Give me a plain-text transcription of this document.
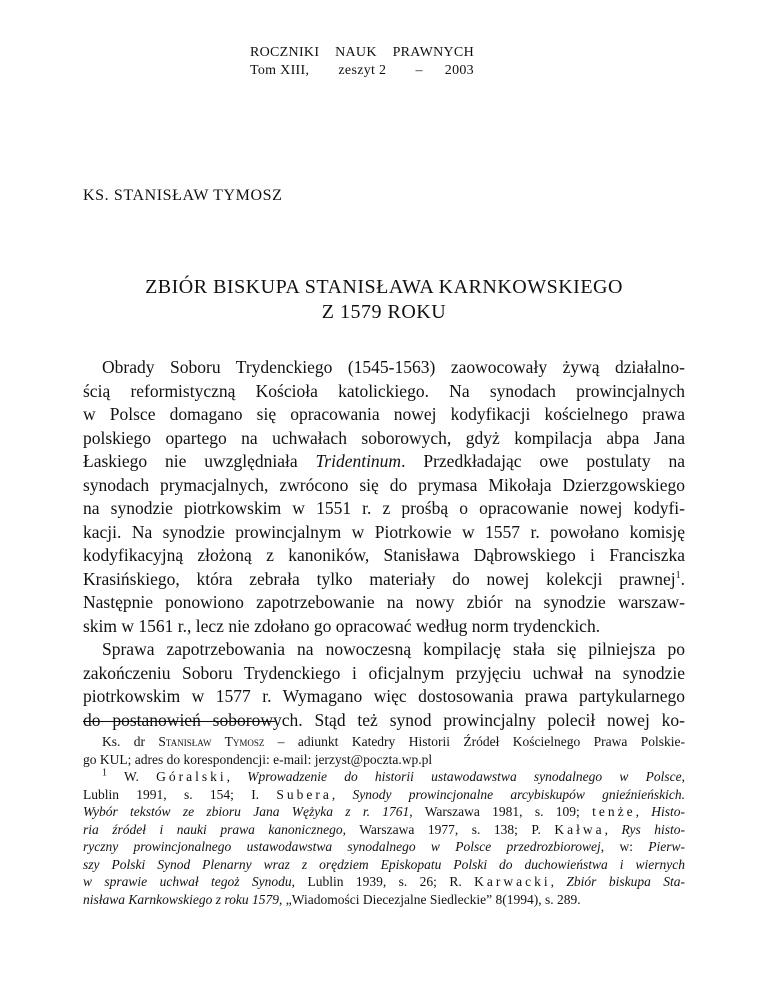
ROCZNIKI NAUK PRAWNYCH
Tom XIII, zeszyt 2 – 2003
KS. STANISŁAW TYMOSZ
ZBIÓR BISKUPA STANISŁAWA KARNKOWSKIEGO
Z 1579 ROKU

Obrady Soboru Trydenckiego (1545-1563) zaowocowały żywą działalno-

ścią reformistyczną Kościoła katolickiego. Na synodach prowincjalnych

w Polsce domagano się opracowania nowej kodyfikacji kościelnego prawa

polskiego opartego na uchwałach soborowych, gdyż kompilacja abpa Jana

Łaskiego nie uwzględniała Tridentinum. Przedkładając owe postulaty na

synodach prymacjalnych, zwrócono się do prymasa Mikołaja Dzierzgowskiego

na synodzie piotrkowskim w 1551 r. z prośbą o opracowanie nowej kodyfi-

kacji. Na synodzie prowincjalnym w Piotrkowie w 1557 r. powołano komisję

kodyfikacyjną złożoną z kanoników, Stanisława Dąbrowskiego i Franciszka

Krasińskiego, która zebrała tylko materiały do nowej kolekcji prawnej$^1$.

Następnie ponowiono zapotrzebowanie na nowy zbiór na synodzie warszaw-

skim w 1561 r., lecz nie zdołano go opracować według norm trydenckich.

Sprawa zapotrzebowania na nowoczesną kompilację stała się pilniejsza po

zakończeniu Soboru Trydenckiego i oficjalnym przyjęciu uchwał na synodzie

piotrkowskim w 1577 r. Wymagano więc dostosowania prawa partykularnego

do postanowień soborowych. Stąd też synod prowincjalny polecił nowej ko-

Ks. dr Stanisław Tymosz – adiunkt Katedry Historii Źródeł Kościelnego Prawa Polskie-

go KUL; adres do korespondencji: e-mail: jerzyst@poczta.wp.pl

$^1$ W. Góralski, Wprowadzenie do historii ustawodawstwa synodalnego w Polsce,

Lublin 1991, s. 154; I. Subera, Synody prowincjonalne arcybiskupów gnieźnieńskich.

Wybór tekstów ze zbioru Jana Wężyka z r. 1761, Warszawa 1981, s. 109; tenże, Histo-

ria źródeł i nauki prawa kanonicznego, Warszawa 1977, s. 138; P. Kałwa, Rys histo-

ryczny prowincjonalnego ustawodawstwa synodalnego w Polsce przedrozbiorowej, w: Pierw-

szy Polski Synod Plenarny wraz z orędziem Episkopatu Polski do duchowieństwa i wiernych

w sprawie uchwał tegoż Synodu, Lublin 1939, s. 26; R. Karwacki, Zbiór biskupa Sta-

nisława Karnkowskiego z roku 1579, „Wiadomości Diecezjalne Siedleckie” 8(1994), s. 289.
